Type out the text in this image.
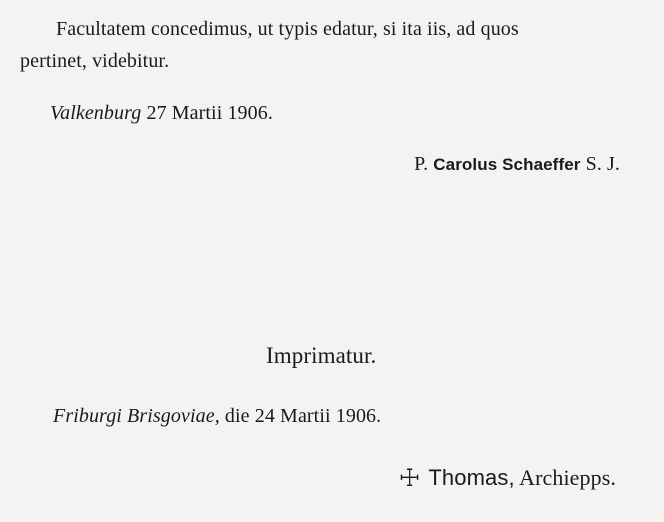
Facultatem concedimus, ut typis edatur, si ita iis, ad quos
pertinet, videbitur.
Valkenburg 27 Martii 1906.
P. Carolus Schaeffer S. J.
Imprimatur.
Friburgi Brisgoviae, die 24 Martii 1906.
☩ Thomas, Archiepps.
